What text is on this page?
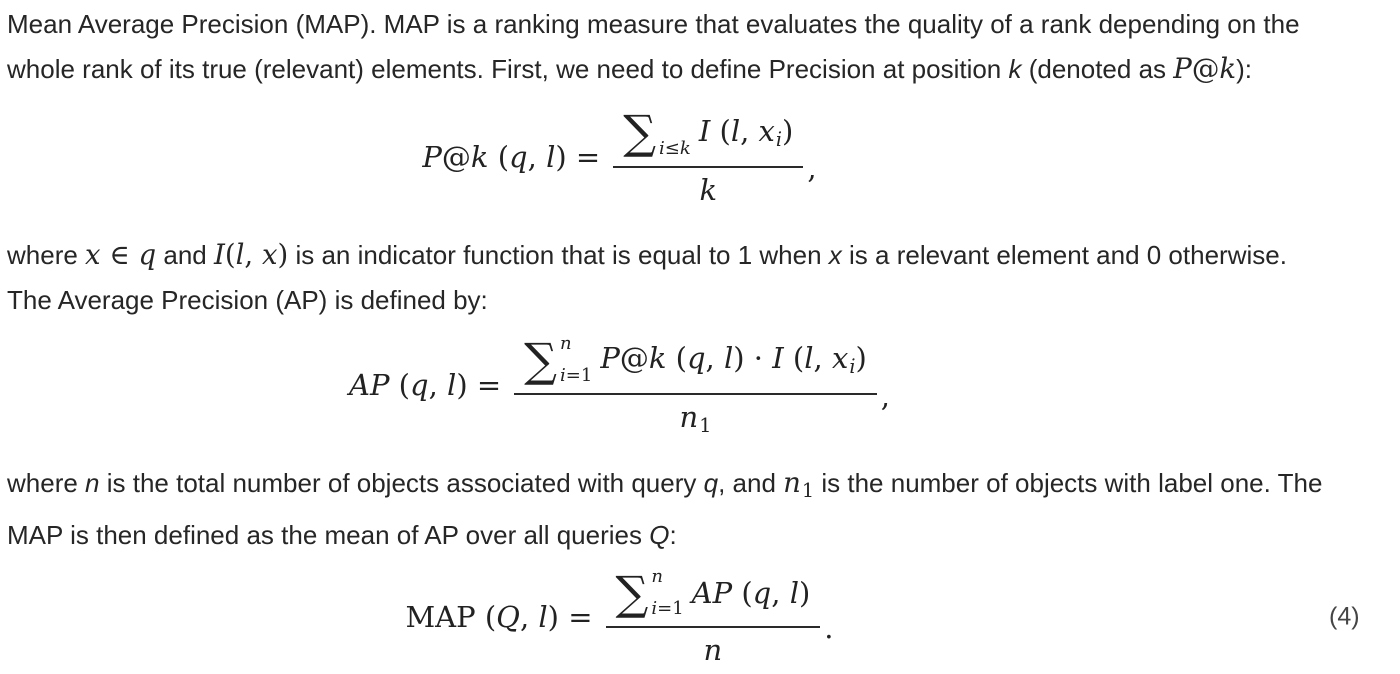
Mean Average Precision (MAP). MAP is a ranking measure that evaluates the quality of a rank depending on the
whole rank of its true (relevant) elements. First, we need to define Precision at position k (denoted as P@k):
P@k (q, l) = ∑ i≤k
I (l, xi)
k
,
where x ∈ q and I(l, x) is an indicator function that is equal to 1 when x is a relevant element and 0 otherwise.
The Average Precision (AP) is defined by:
AP (q, l) = ∑ n
i=1
P@k (q, l) · I (l, xi)
n1
,
where n is the total number of objects associated with query q, and n1 is the number of objects with label one. The
MAP is then defined as the mean of AP over all queries Q:
MAP (Q, l) = ∑ n
i=1 AP (q, l)
n
.	(4)
